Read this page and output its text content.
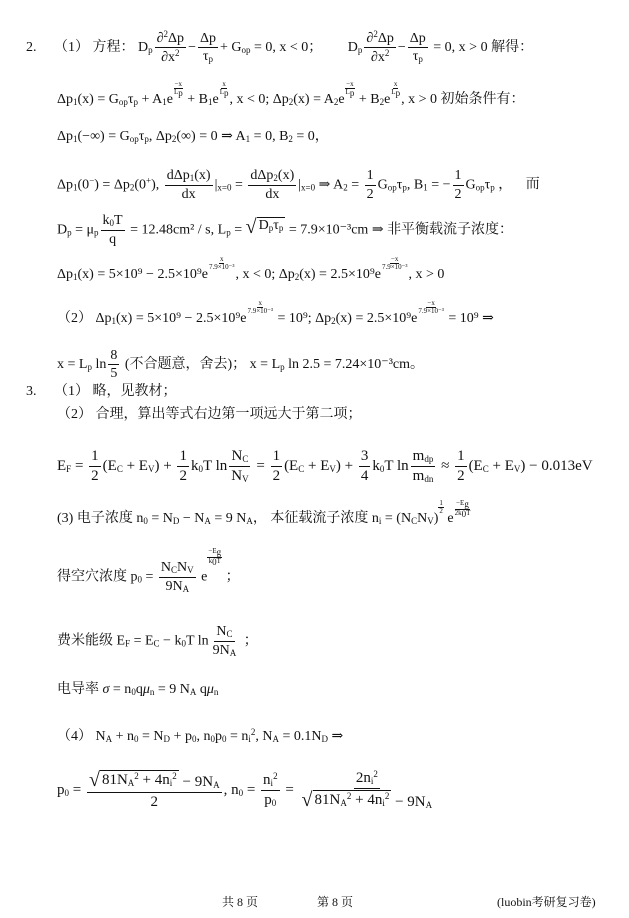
2. （1） 方程： $D_p \frac{\partial^2\Delta p}{\partial x^2} - \frac{\Delta p}{\tau_p} + G_{op} = 0$, x < 0； $D_p \frac{\partial^2\Delta p}{\partial x^2} - \frac{\Delta p}{\tau_p} = 0$, x > 0 解得：
$\Delta p_1(x) = G_{op}\tau_p + A_1e$
$\frac{-x}{L_p}$
+ $B_1e$
$\frac{x}{L_p}$
, x < 0; $\Delta p_2(x) = A_2e$
$\frac{-x}{L_p}$
+ $B_2e$
$\frac{x}{L_p}$
, x > 0 初始条件有：
$\Delta p_1(-\infty) = G_{op}\tau_p$, $\Delta p_2(\infty) = 0$ ⇒ $A_1 = 0$, $B_2 = 0$，
$\Delta p_1(0^-) = \Delta p_2(0^+)$,
dΔp$_1$(x)
dx
$|_{x=0}$ =
dΔp$_2$(x)
dx
$|_{x=0}$ ⇒ $A_2 = \frac{1}{2} G_{op}\tau_p$, $B_1$ = − $\frac{1}{2} G_{op}\tau_p$ ， 而
$D_p = \mu_p \frac{k_0T}{q} = 12.48cm^2 / s$, $L_p$ = √ $D_p\tau_p = 7.9\times 10^{-3}cm$ ⇒ 非平衡载流子浓度：
$\Delta p_1(x) = 5\times 10^9 - 2.5\times 10^9e$
$\frac{x}{\text{7.9×10⁻³}}$
, x < 0; $\Delta p_2(x) = 2.5\times 10^9e$
$\frac{-x}{\text{7.9×10⁻³}}$
, x > 0
（2） $\Delta p_1(x) = 5\times 10^9 - 2.5\times 10^9e$
$\frac{x}{\text{7.9×10⁻³}}$
= 10⁹; $\Delta p_2(x) = 2.5\times 10^9e$
$\frac{-x}{\text{7.9×10⁻³}}$
= 10⁹ ⇒
$x = L_p$ $\ln \frac{8}{5}$ (不合题意，舍去)； $x = L_p$ ln 2.5 = 7.24×10⁻³cm。
3. （1） 略，见教材；
（2） 合理，算出等式右边第一项远大于第二项；
$E_F = \frac{1}{2} (E_C + E_V) + \frac{1}{2} k_0T$ $\ln \frac{N_C}{N_V} = \frac{1}{2} (E_C + E_V) + \frac{3}{4} k_0T$ ln
$m_{dp}$
$m_{dn}$
≈ $\frac{1}{2} (E_C + E_V) - 0.013eV$
(3) 电子浓度 $n_0 = N_D - N_A = 9$ $N_A$， 本征载流子浓度 $n_i = (N_CN_V)$
$\frac{1}{2}$
e $\frac{-E_g}{2k_0T}$
得空穴浓度 $p_0$ =
$N_CN_V$
$9N_A$
e
$\frac{-E_g}{k_0T}$
；
费米能级 $E_F = E_C - k_0T$ $\ln \frac{N_C}{9N_A}$ ；
电导率 $\sigma = n_0q\mu_n = 9$ $N_A$ $q\mu_n$
（4） $N_A + n_0 = N_D + p_0$, $n_0p_0 = n_i^2$, $N_A = 0.1N_D$ ⇒
$p_0 = \frac{√ 81N_A^2 + 4n_i^2 - 9N_A}{2}$ , $n_0 = \frac{n_i^2}{p_0} = \frac{2n_i^2}{√ 81N_A^2 + 4n_i^2 - 9N_A}$
共 8 页	第 8 页	(luobin考研复习卷)
